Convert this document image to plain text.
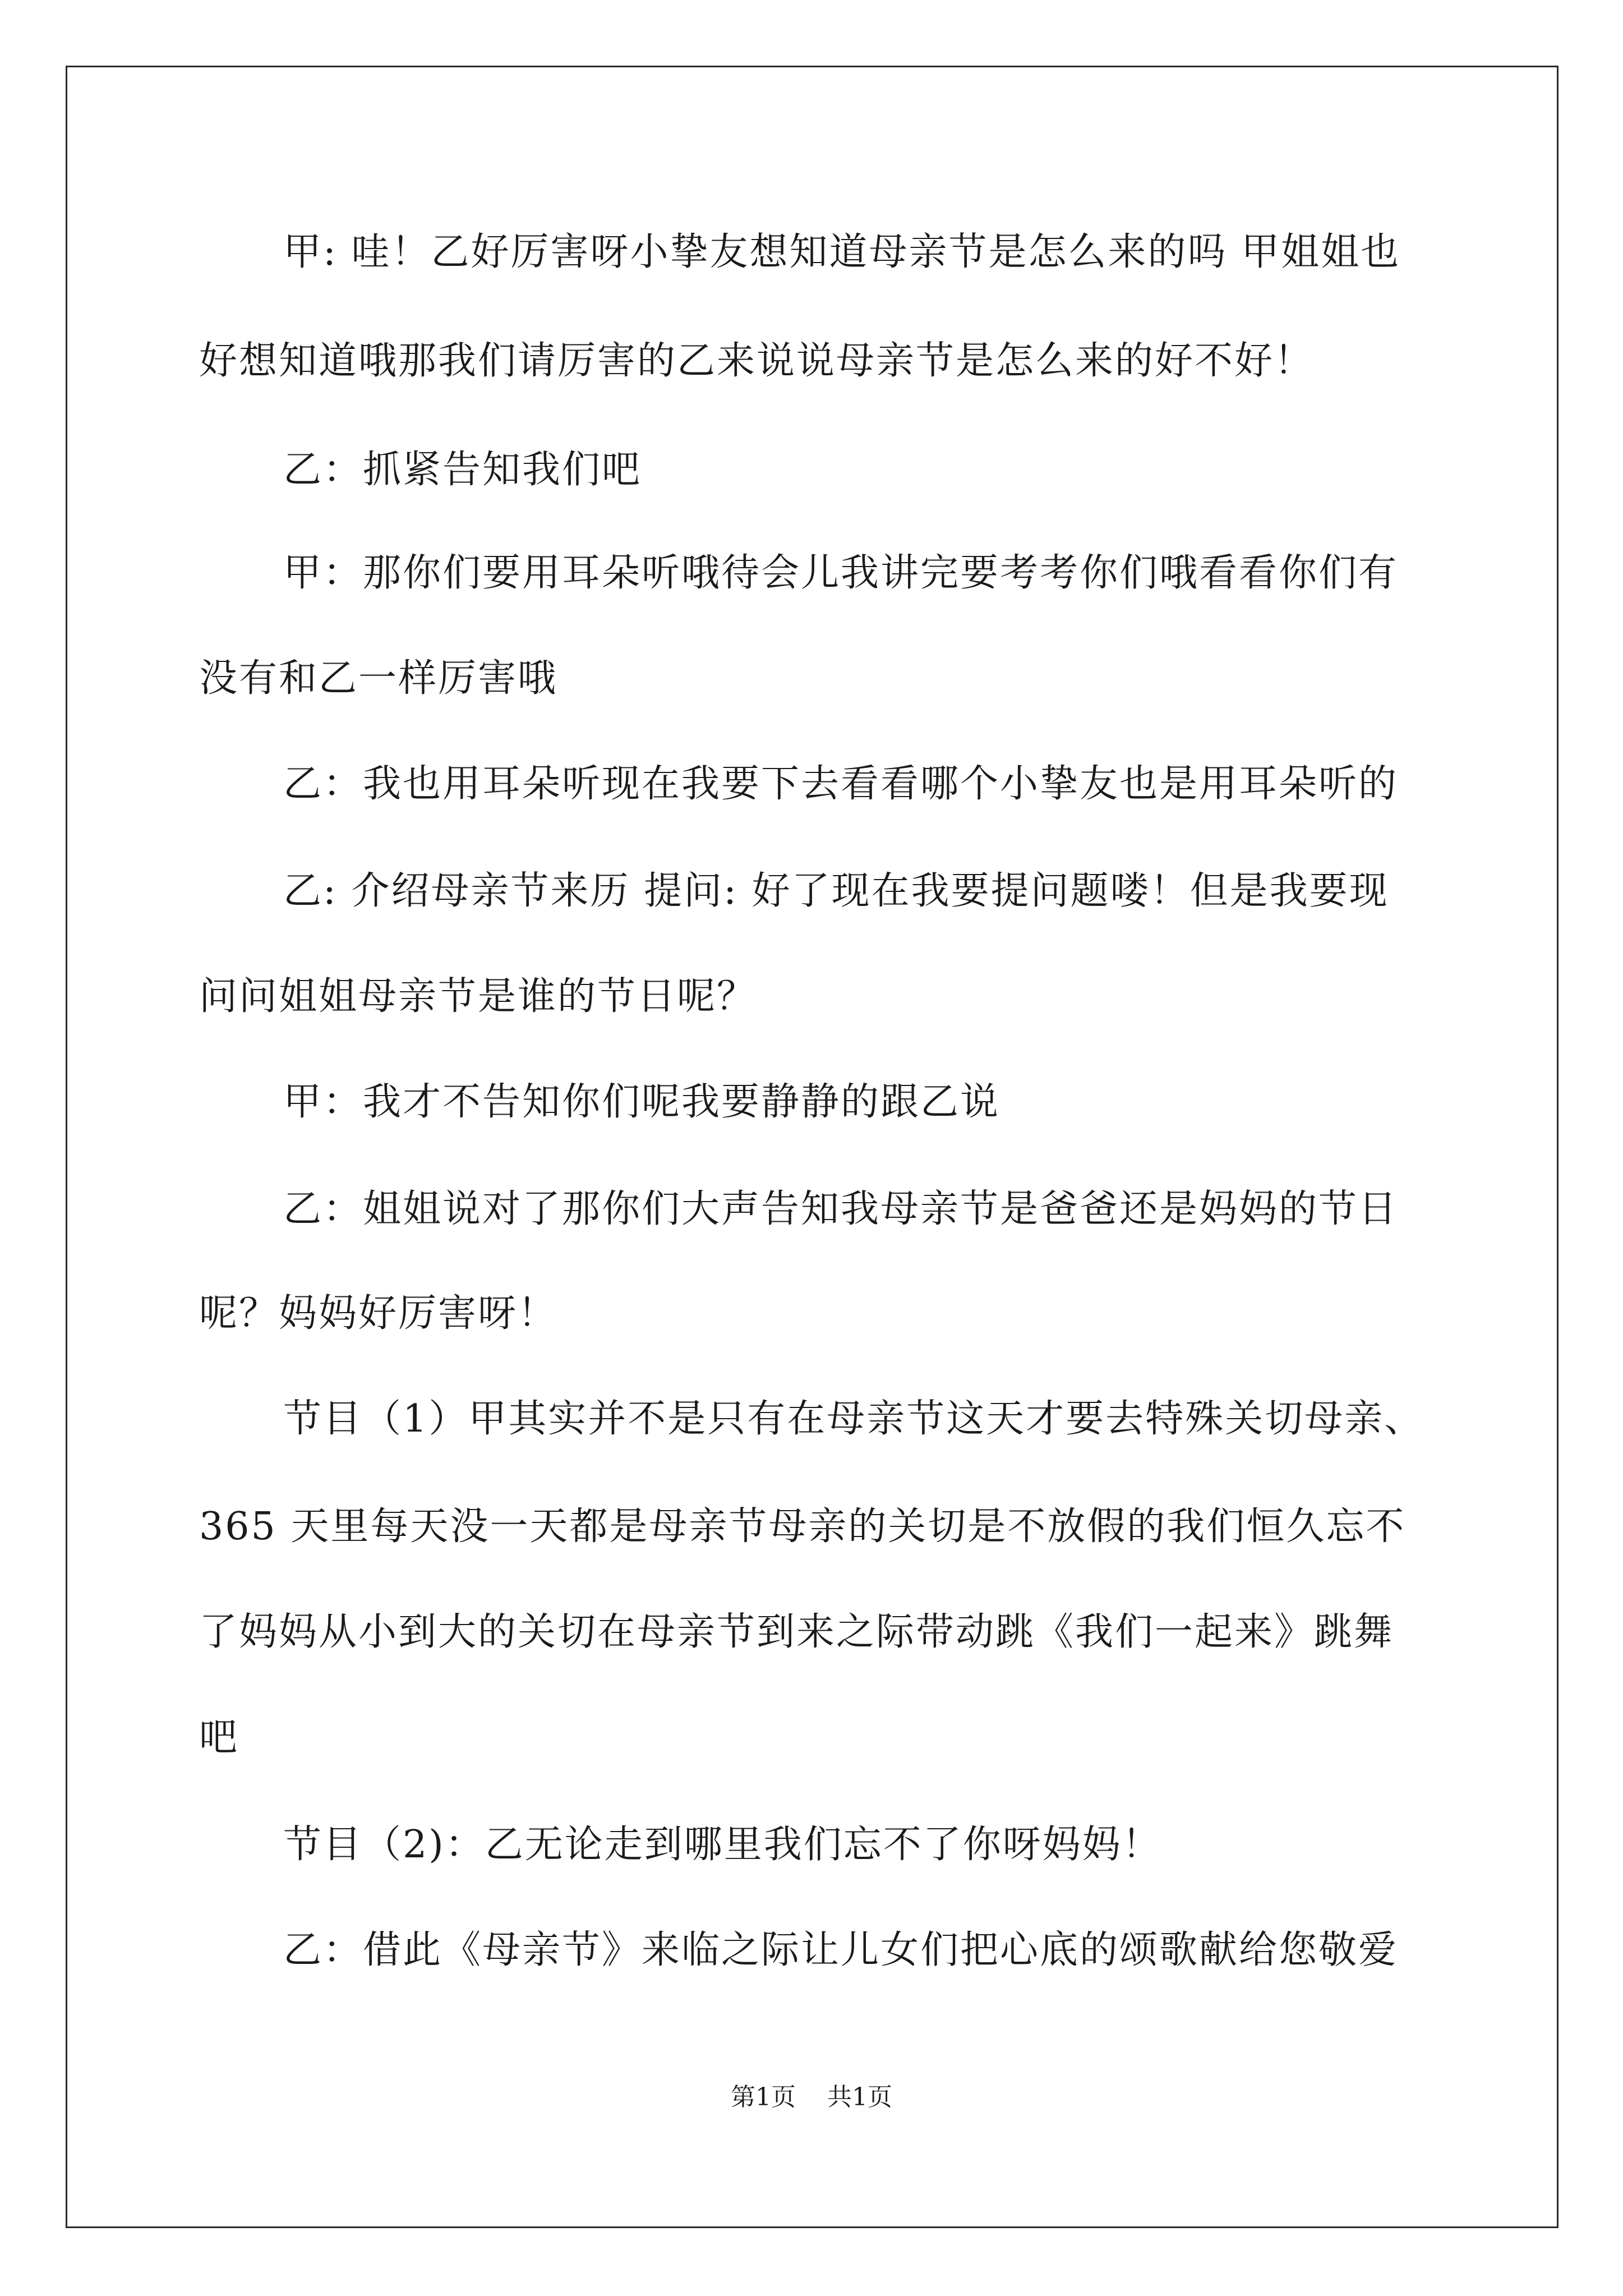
甲: 哇！乙好厉害呀小挚友想知道母亲节是怎么来的吗 甲姐姐也
好想知道哦那我们请厉害的乙来说说母亲节是怎么来的好不好！
乙：抓紧告知我们吧
甲：那你们要用耳朵听哦待会儿我讲完要考考你们哦看看你们有
没有和乙一样厉害哦
乙：我也用耳朵听现在我要下去看看哪个小挚友也是用耳朵听的
乙: 介绍母亲节来历 提问: 好了现在我要提问题喽！但是我要现
问问姐姐母亲节是谁的节日呢？
甲：我才不告知你们呢我要静静的跟乙说
乙：姐姐说对了那你们大声告知我母亲节是爸爸还是妈妈的节日
呢？妈妈好厉害呀！
节目（1）甲其实并不是只有在母亲节这天才要去特殊关切母亲、
365 天里每天没一天都是母亲节母亲的关切是不放假的我们恒久忘不
了妈妈从小到大的关切在母亲节到来之际带动跳《我们一起来》跳舞
吧
节目（2)：乙无论走到哪里我们忘不了你呀妈妈！
乙：借此《母亲节》来临之际让儿女们把心底的颂歌献给您敬爱
第1页    共1页
